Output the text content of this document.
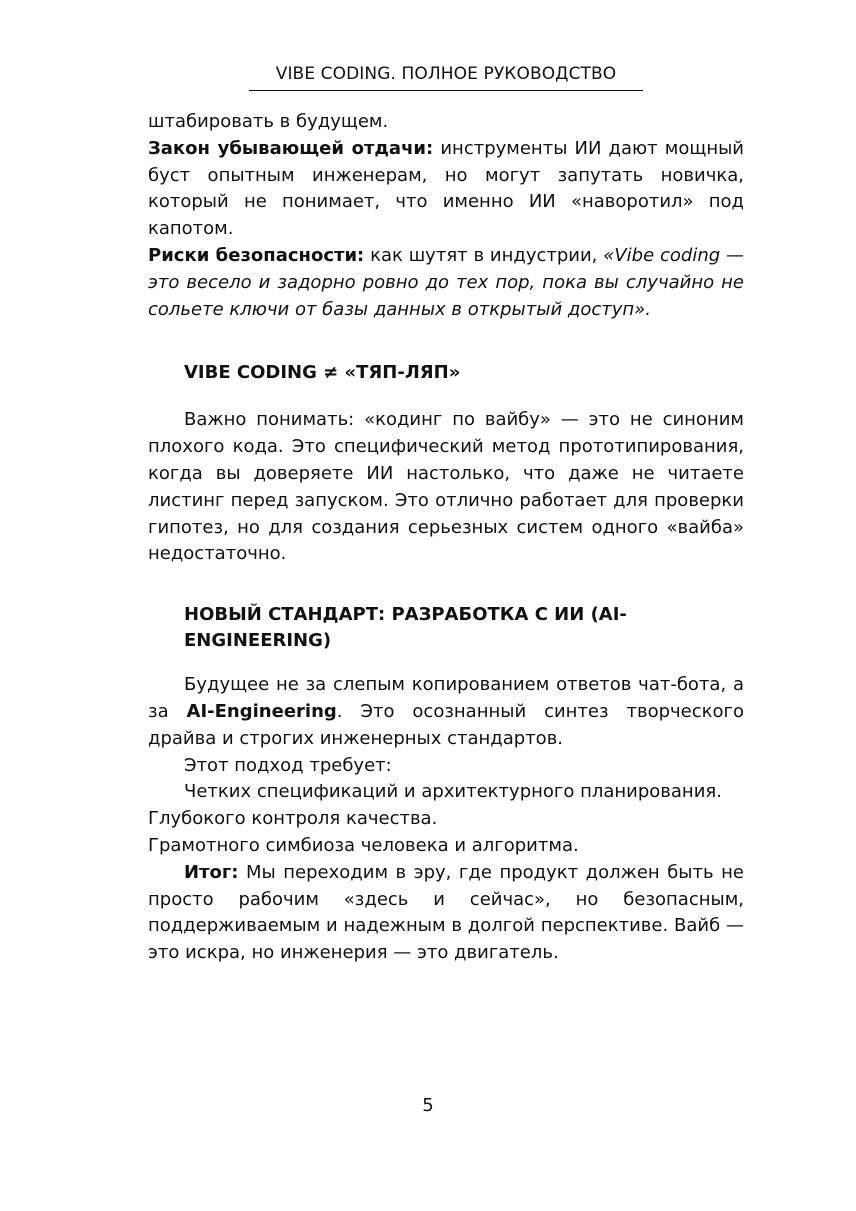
VIBE CODING. ПОЛНОЕ РУКОВОДСТВО

штабировать в будущем.

Закон убывающей отдачи: инструменты ИИ дают мощный буст опытным инженерам, но могут запутать новичка, который не понимает, что именно ИИ «наворотил» под капотом.

Риски безопасности: как шутят в индустрии, «Vibe coding — это весело и задорно ровно до тех пор, пока вы случайно не сольете ключи от базы данных в открытый доступ».

VIBE CODING ≠ «ТЯП-ЛЯП»

Важно понимать: «кодинг по вайбу» — это не синоним плохого кода. Это специфический метод прототипирования, когда вы доверяете ИИ настолько, что даже не читаете листинг перед запуском. Это отлично работает для проверки гипотез, но для создания серьезных систем одного «вайба» недостаточно.

НОВЫЙ СТАНДАРТ: РАЗРАБОТКА С ИИ (AI-ENGINEERING)

Будущее не за слепым копированием ответов чат-бота, а за AI-Engineering. Это осознанный синтез творческого драйва и строгих инженерных стандартов.

Этот подход требует:

Четких спецификаций и архитектурного планирования.

Глубокого контроля качества.

Грамотного симбиоза человека и алгоритма.

Итог: Мы переходим в эру, где продукт должен быть не просто рабочим «здесь и сейчас», но безопасным, поддерживаемым и надежным в долгой перспективе. Вайб — это искра, но инженерия — это двигатель.

5
